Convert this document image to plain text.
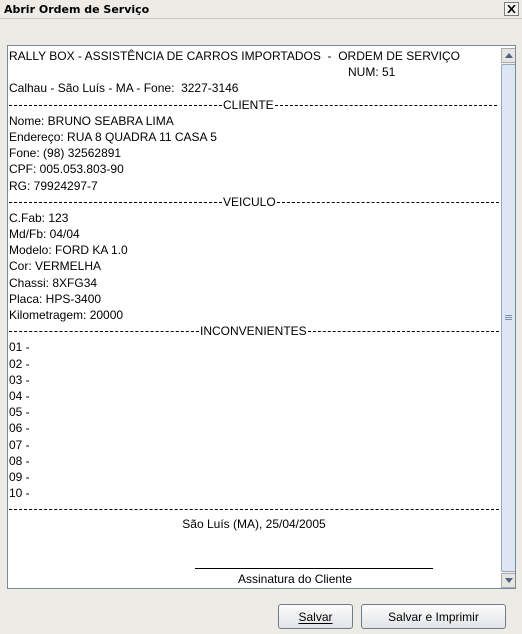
Abrir Ordem de Serviço
RALLY BOX - ASSISTÊNCIA DE CARROS IMPORTADOS  -  ORDEM DE SERVIÇO

NUM: 51

Calhau - São Luís - MA - Fone:  3227-3146
CLIENTE
Nome: BRUNO SEABRA LIMA
Endereço: RUA 8 QUADRA 11 CASA 5
Fone: (98) 32562891
CPF: 005.053.803-90
RG: 79924297-7
VEICULO
C.Fab: 123
Md/Fb: 04/04
Modelo: FORD KA 1.0
Cor: VERMELHA
Chassi: 8XFG34
Placa: HPS-3400
Kilometragem: 20000
INCONVENIENTES
01 -
02 -
03 -
04 -
05 -
06 -
07 -
08 -
09 -
10 -
São Luís (MA), 25/04/2005
Assinatura do Cliente
Salvar	Salvar e Imprimir
